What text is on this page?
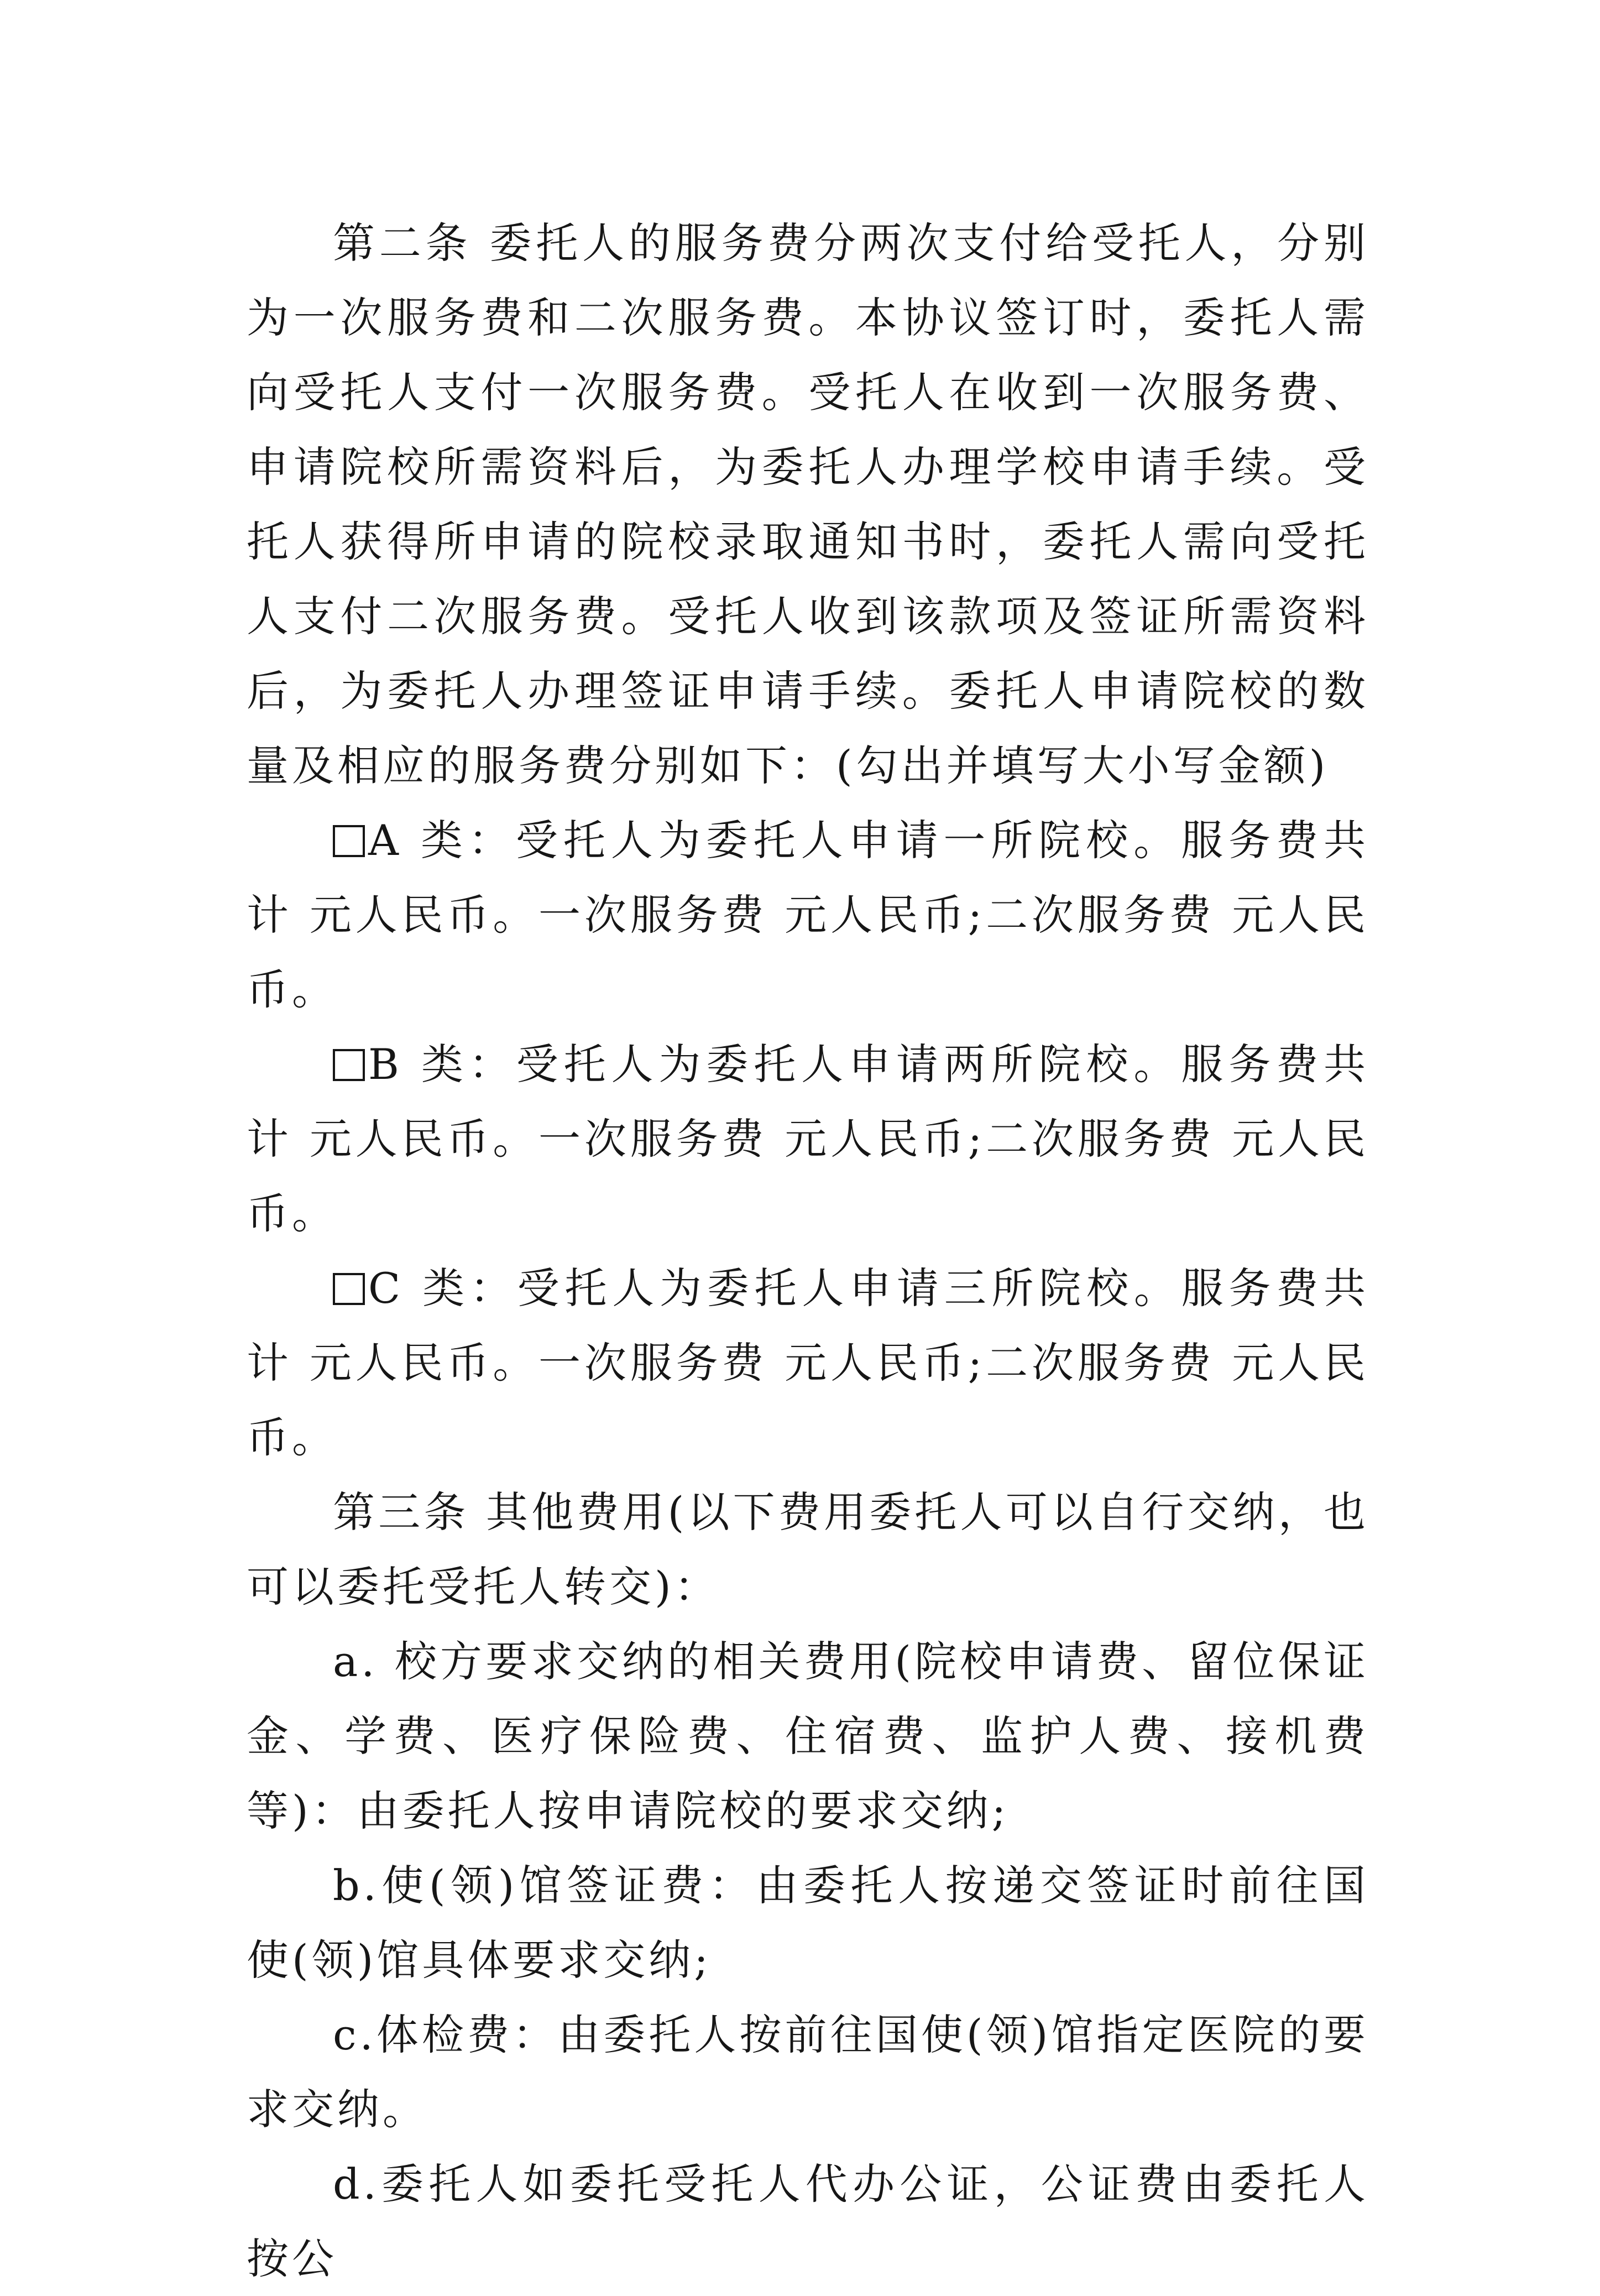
第二条 委托人的服务费分两次支付给受托人，分别为一次服务费和二次服务费。本协议签订时，委托人需向受托人支付一次服务费。受托人在收到一次服务费、申请院校所需资料后，为委托人办理学校申请手续。受托人获得所申请的院校录取通知书时，委托人需向受托人支付二次服务费。受托人收到该款项及签证所需资料后，为委托人办理签证申请手续。委托人申请院校的数量及相应的服务费分别如下：(勾出并填写大小写金额)

A 类：受托人为委托人申请一所院校。服务费共计 元人民币。一次服务费 元人民币;二次服务费 元人民币。

B 类：受托人为委托人申请两所院校。服务费共计 元人民币。一次服务费 元人民币;二次服务费 元人民币。

C 类：受托人为委托人申请三所院校。服务费共计 元人民币。一次服务费 元人民币;二次服务费 元人民币。

第三条 其他费用(以下费用委托人可以自行交纳，也可以委托受托人转交)：

a. 校方要求交纳的相关费用(院校申请费、留位保证金、学费、医疗保险费、住宿费、监护人费、接机费等)：由委托人按申请院校的要求交纳;

b.使(领)馆签证费：由委托人按递交签证时前往国使(领)馆具体要求交纳;

c.体检费：由委托人按前往国使(领)馆指定医院的要求交纳。

d.委托人如委托受托人代办公证，公证费由委托人按公
